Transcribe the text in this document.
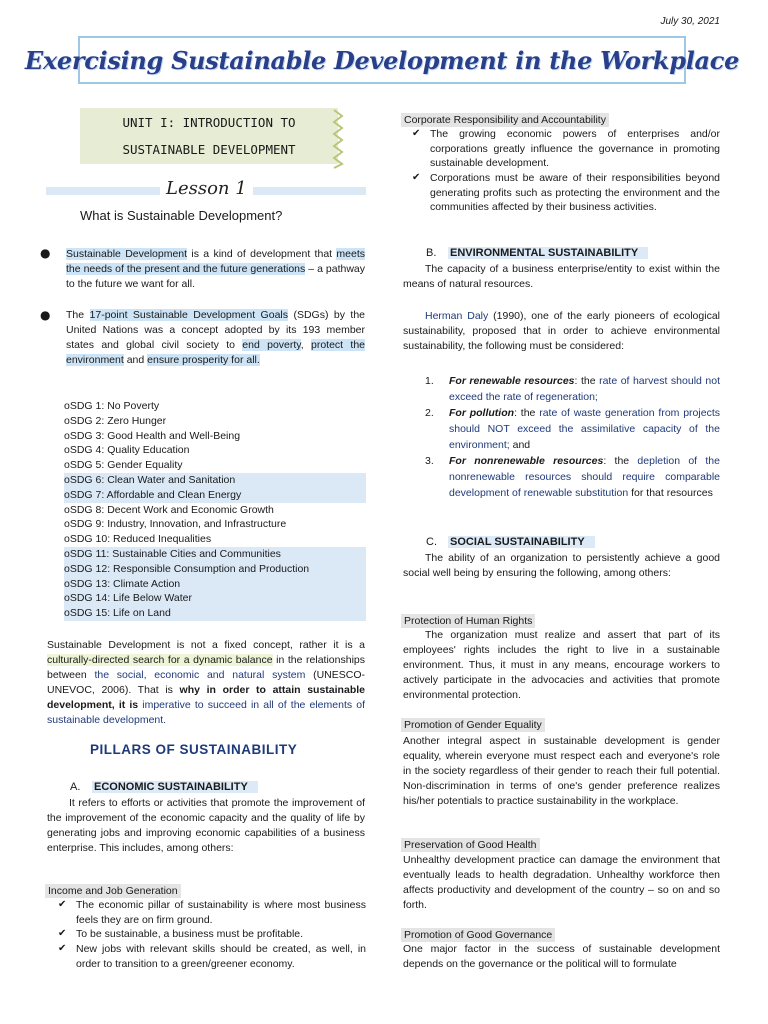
July 30, 2021
Exercising Sustainable Development in the Workplace
UNIT I: INTRODUCTION TO SUSTAINABLE DEVELOPMENT
Lesson 1
What is Sustainable Development?
● Sustainable Development is a kind of development that meets the needs of the present and the future generations – a pathway to the future we want for all.
● The 17-point Sustainable Development Goals (SDGs) by the United Nations was a concept adopted by its 193 member states and global civil society to end poverty, protect the environment and ensure prosperity for all.
oSDG 1: No Poverty
oSDG 2: Zero Hunger
oSDG 3: Good Health and Well-Being
oSDG 4: Quality Education
oSDG 5: Gender Equality
oSDG 6: Clean Water and Sanitation
oSDG 7: Affordable and Clean Energy
oSDG 8: Decent Work and Economic Growth
oSDG 9: Industry, Innovation, and Infrastructure
oSDG 10: Reduced Inequalities
oSDG 11: Sustainable Cities and Communities
oSDG 12: Responsible Consumption and Production
oSDG 13: Climate Action
oSDG 14: Life Below Water
oSDG 15: Life on Land
Sustainable Development is not a fixed concept, rather it is a culturally-directed search for a dynamic balance in the relationships between the social, economic and natural system (UNESCO-UNEVOC, 2006). That is why in order to attain sustainable development, it is imperative to succeed in all of the elements of sustainable development.
PILLARS OF SUSTAINABILITY
A. ECONOMIC SUSTAINABILITY
It refers to efforts or activities that promote the improvement of the improvement of the economic capacity and the quality of life by generating jobs and improving economic capabilities of a business enterprise. This includes, among others:
Income and Job Generation
✔ The economic pillar of sustainability is where most business feels they are on firm ground.
✔ To be sustainable, a business must be profitable.
✔ New jobs with relevant skills should be created, as well, in order to transition to a green/greener economy.
Corporate Responsibility and Accountability
✔ The growing economic powers of enterprises and/or corporations greatly influence the governance in promoting sustainable development.
✔ Corporations must be aware of their responsibilities beyond generating profits such as protecting the environment and the communities affected by their business activities.
B. ENVIRONMENTAL SUSTAINABILITY
The capacity of a business enterprise/entity to exist within the means of natural resources.
Herman Daly (1990), one of the early pioneers of ecological sustainability, proposed that in order to achieve environmental sustainability, the following must be considered:
1. For renewable resources: the rate of harvest should not exceed the rate of regeneration;
2. For pollution: the rate of waste generation from projects should NOT exceed the assimilative capacity of the environment; and
3. For nonrenewable resources: the depletion of the nonrenewable resources should require comparable development of renewable substitution for that resources
C. SOCIAL SUSTAINABILITY
The ability of an organization to persistently achieve a good social well being by ensuring the following, among others:
Protection of Human Rights
The organization must realize and assert that part of its employees' rights includes the right to live in a sustainable environment. Thus, it must in any means, encourage workers to actively participate in the advocacies and activities that promote environmental protection.
Promotion of Gender Equality
Another integral aspect in sustainable development is gender equality, wherein everyone must respect each and everyone's role in the society regardless of their gender to reach their full potential. Non-discrimination in terms of one's gender preference realizes his/her potentials to practice sustainability in the workplace.
Preservation of Good Health
Unhealthy development practice can damage the environment that eventually leads to health degradation. Unhealthy workforce then affects productivity and development of the country – so on and so forth.
Promotion of Good Governance
One major factor in the success of sustainable development depends on the governance or the political will to formulate
